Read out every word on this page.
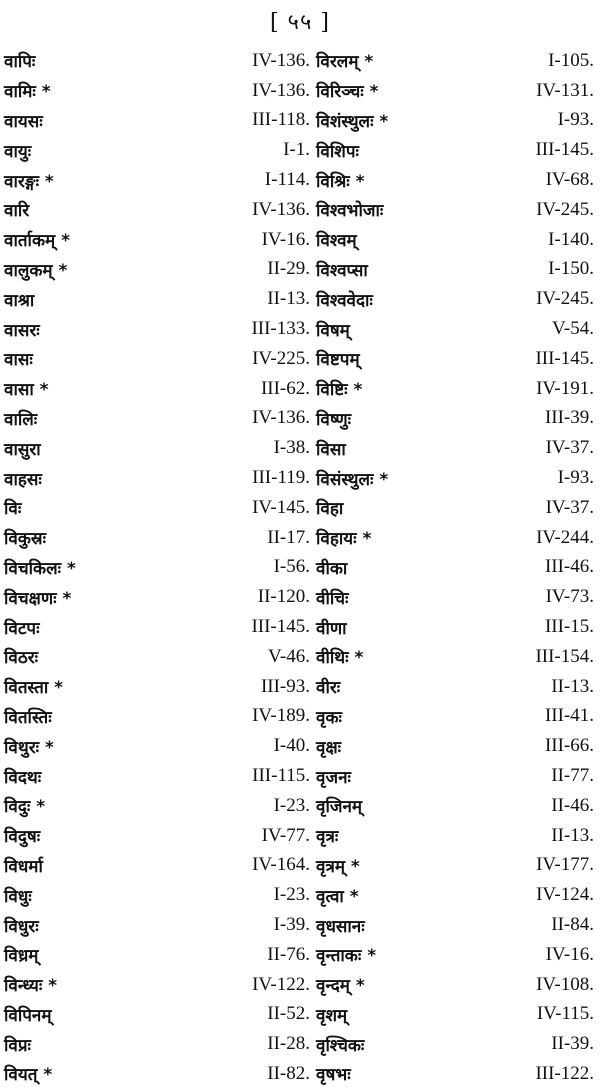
[ ५५ ]
वापिः	IV-136.
वामिः *	IV-136.
वायसः	III-118.
वायुः	I-1.
वारङ्गः *	I-114.
वारि	IV-136.
वार्ताकम् *	IV-16.
वालुकम् *	II-29.
वाश्रा	II-13.
वासरः	III-133.
वासः	IV-225.
वासा *	III-62.
वालिः	IV-136.
वासुरा	I-38.
वाहसः	III-119.
विः	IV-145.
विकुस्रः	II-17.
विचकिलः *	I-56.
विचक्षणः *	II-120.
विटपः	III-145.
विठरः	V-46.
वितस्ता *	III-93.
वितस्तिः	IV-189.
विथुरः *	I-40.
विदथः	III-115.
विदुः *	I-23.
विदुषः	IV-77.
विधर्मा	IV-164.
विधुः	I-23.
विधुरः	I-39.
विध्रम्	II-76.
विन्ध्यः *	IV-122.
विपिनम्	II-52.
विप्रः	II-28.
वियत् *	II-82.
विरलम् *	I-105.
विरिञ्चः *	IV-131.
विशंस्थुलः *	I-93.
विशिपः	III-145.
विश्रिः *	IV-68.
विश्वभोजाः	IV-245.
विश्वम्	I-140.
विश्वप्सा	I-150.
विश्ववेदाः	IV-245.
विषम्	V-54.
विष्टपम्	III-145.
विष्टिः *	IV-191.
विष्णुः	III-39.
विसा	IV-37.
विसंस्थुलः *	I-93.
विहा	IV-37.
विहायः *	IV-244.
वीका	III-46.
वीचिः	IV-73.
वीणा	III-15.
वीथिः *	III-154.
वीरः	II-13.
वृकः	III-41.
वृक्षः	III-66.
वृजनः	II-77.
वृजिनम्	II-46.
वृत्रः	II-13.
वृत्रम् *	IV-177.
वृत्वा *	IV-124.
वृधसानः	II-84.
वृन्ताकः *	IV-16.
वृन्दम् *	IV-108.
वृशम्	IV-115.
वृश्चिकः	II-39.
वृषभः	III-122.
